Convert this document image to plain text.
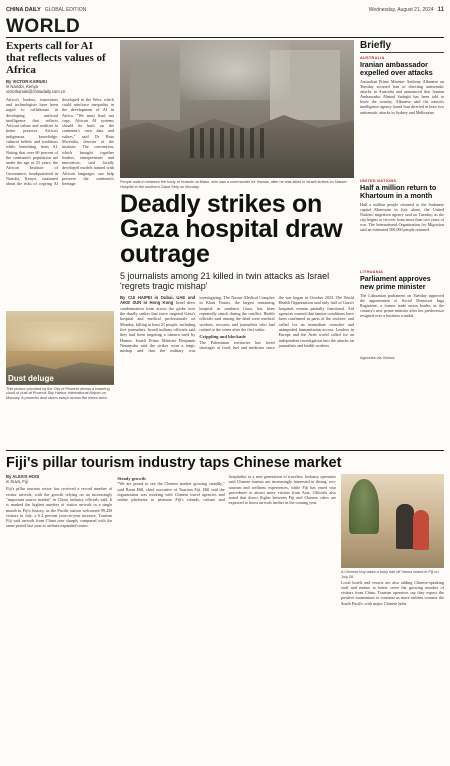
CHINA DAILY GLOBAL EDITION	Wednesday, August 21, 2024 11
WORLD
Experts call for AI that reflects values of Africa
By VICTOR KARIUKI
in Nairobi, Kenya
victorkariuki@chinadaily.com.cn
Africa's leaders, innovators and technologists have been urged to collaborate in developing artificial intelligence that reflects African values and realities to better preserve Africa's indigenous knowledge, cultural beliefs and traditions while benefiting from AI. Noting that over 60 percent of the continent's population are under the age of 25 years, the African Institute of Governance, headquartered in Nairobi, Kenya, cautioned about the risks of copying AI developed in the West, which could reinforce inequality in the development of AI in Africa. "We must lead, not copy. African AI systems should be built on the continent's own data and values," said Dr Ruto Mwendia, director of the institute. The convention, which brought together leaders, entrepreneurs and innovators, said locally developed models trained with African languages can help preserve the continent's heritage.
Dust deluge
This picture provided by the City of Phoenix shows a towering cloud of dust at Phoenix Sky Harbor International Airport on Monday. A powerful dust storm swept across the metro area.
People walk in between the body of Hussein al-Masri, who was a commander for Hamas, after he was killed in Israeli strikes on Nasser Hospital in the southern Gaza Strip on Monday.
Deadly strikes on Gaza hospital draw outrage
5 journalists among 21 killed in twin attacks as Israel 'regrets tragic mishap'
By CUI HAIPEI in Dubai, UAE and AIKE SUN in Hong Kong Israel drew condemnation from across the globe over the deadly strikes that twice targeted Gaza's hospital and medical professionals on Monday, killing at least 21 people, including five journalists. Israeli military officials said they had been targeting a camera used by Hamas. Israeli Prime Minister Benjamin Netanyahu said the strikes were a tragic mishap and that the military was investigating. The Nasser Medical Complex in Khan Younis, the largest remaining hospital in southern Gaza, has been repeatedly struck during the conflict. Health officials said among the dead were medical workers, rescuers and journalists who had rushed to the scene after the first strike.
Crippling and blockade
The Palestinian territories has faced shortages of food, fuel and medicine since the war began in October 2023. The World Health Organization said only half of Gaza's hospitals remain partially functional. Aid agencies warned that famine conditions have been confirmed in parts of the enclave, and called for an immediate ceasefire and unimpeded humanitarian access. Leaders in Europe and the Arab world called for an independent investigation into the attacks on journalists and health workers.
Briefly
AUSTRALIA
Iranian ambassador expelled over attacks
Australian Prime Minister Anthony Albanese on Tuesday accused Iran of directing antisemitic attacks in Australia and announced that Iranian Ambassador Ahmad Sadeghi has been told to leave the country. Albanese said the nation's intelligence agency found Iran directed at least two antisemitic attacks in Sydney and Melbourne.
UNITED NATIONS
Half a million return to Khartoum in a month
Half a million people returned to the Sudanese capital Khartoum in July alone, the United Nations' migration agency said on Tuesday, as the city begins to recover from more than two years of war. The International Organization for Migration said an estimated 500,000 people returned.
LITHUANIA
Parliament approves new prime minister
The Lithuanian parliament on Tuesday approved the appointment of Social Democrat Inga Ruginiene, a former trade union leader, as the country's new prime minister after her predecessor resigned over a business scandal.
Agencies via Xinhua
Fiji's pillar tourism industry taps Chinese market
By ALEXIS HOOI
in Suva, Fiji
Fiji's pillar tourism sector has received a record number of visitor arrivals, with the growth relying on an increasingly "important source market" in China, industry officials said. It is marked the highest number of visitor arrivals in a single month in Fiji's history, as the Pacific nation welcomed 99,438 visitors in July, a 6.4 percent year-on-year increase. Tourism Fiji said arrivals from China rose sharply compared with the same period last year as airlines expanded routes.
Steady growth
"We are proud to see the Chinese market growing steadily," said Brent Hill, chief executive of Tourism Fiji. Hill said the organization was working with Chinese travel agencies and online platforms to promote Fiji's islands, culture and hospitality to a new generation of travelers. Industry operators said Chinese tourists are increasingly interested in diving, eco-tourism and wellness experiences, while Fiji has eased visa procedures to attract more visitors from Asia. Officials also noted that direct flights between Fiji and Chinese cities are expected to boost arrivals further in the coming year.
A Chinese boy takes a busy ride off Vanua Island in Fiji on July 28.
Local hotels and resorts are also adding Chinese-speaking staff and menus to better serve the growing number of visitors from China. Tourism operators say they expect the positive momentum to continue as more airlines connect the South Pacific with major Chinese hubs.
